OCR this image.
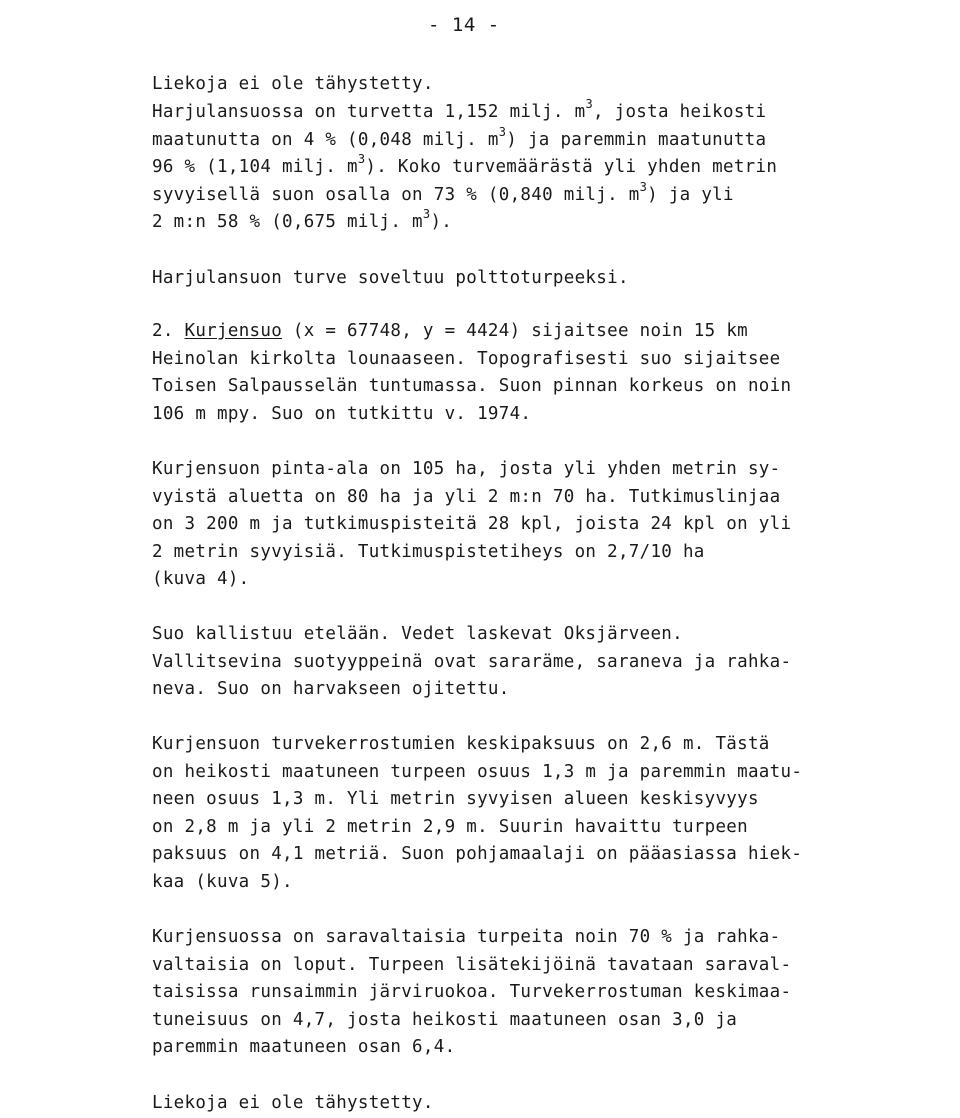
- 14 -

Liekoja ei ole tähystetty.

Harjulansuossa on turvetta 1,152 milj. $m^3$, josta heikosti
maatunutta on 4 % (0,048 milj. $m^3$) ja paremmin maatunutta
96 % (1,104 milj. $m^3$). Koko turvemäärästä yli yhden metrin
syvyisellä suon osalla on 73 % (0,840 milj. $m^3$) ja yli
2 m:n 58 % (0,675 milj. $m^3$).

Harjulansuon turve soveltuu polttoturpeeksi.

2. Kurjensuo (x = 67748, y = 4424) sijaitsee noin 15 km
Heinolan kirkolta lounaaseen. Topografisesti suo sijaitsee
Toisen Salpausselän tuntumassa. Suon pinnan korkeus on noin
106 m mpy. Suo on tutkittu v. 1974.

Kurjensuon pinta-ala on 105 ha, josta yli yhden metrin sy-
vyistä aluetta on 80 ha ja yli 2 m:n 70 ha. Tutkimuslinjaa
on 3 200 m ja tutkimuspisteitä 28 kpl, joista 24 kpl on yli
2 metrin syvyisiä. Tutkimuspistetiheys on 2,7/10 ha
(kuva 4).

Suo kallistuu etelään. Vedet laskevat Oksjärveen.
Vallitsevina suotyyppeinä ovat sararäme, saraneva ja rahka-
neva. Suo on harvakseen ojitettu.

Kurjensuon turvekerrostumien keskipaksuus on 2,6 m. Tästä
on heikosti maatuneen turpeen osuus 1,3 m ja paremmin maatu-
neen osuus 1,3 m. Yli metrin syvyisen alueen keskisyvyys
on 2,8 m ja yli 2 metrin 2,9 m. Suurin havaittu turpeen
paksuus on 4,1 metriä. Suon pohjamaalaji on pääasiassa hiek-
kaa (kuva 5).

Kurjensuossa on saravaltaisia turpeita noin 70 % ja rahka-
valtaisia on loput. Turpeen lisätekijöinä tavataan saraval-
taisissa runsaimmin järviruokoa. Turvekerrostuman keskimaa-
tuneisuus on 4,7, josta heikosti maatuneen osan 3,0 ja
paremmin maatuneen osan 6,4.

Liekoja ei ole tähystetty.
